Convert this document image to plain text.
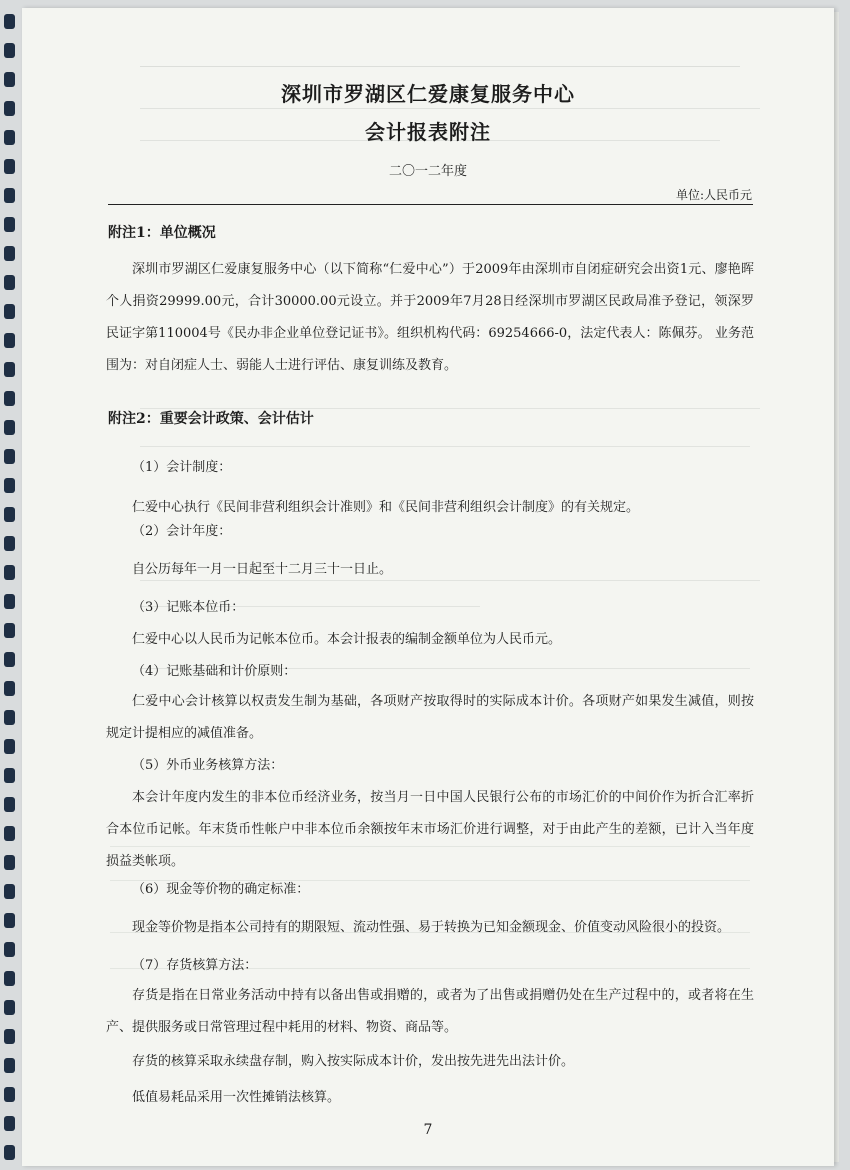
深圳市罗湖区仁爱康复服务中心
会计报表附注
二〇一二年度
单位:人民币元
附注1：单位概况
深圳市罗湖区仁爱康复服务中心（以下简称“仁爱中心”）于2009年由深圳市自闭症研究会出资1元、廖艳晖个人捐资29999.00元，合计30000.00元设立。并于2009年7月28日经深圳市罗湖区民政局准予登记，领深罗民证字第110004号《民办非企业单位登记证书》。组织机构代码：69254666-0，法定代表人：陈佩芬。 业务范围为：对自闭症人士、弱能人士进行评估、康复训练及教育。
附注2：重要会计政策、会计估计
（1）会计制度：
仁爱中心执行《民间非营利组织会计准则》和《民间非营利组织会计制度》的有关规定。
（2）会计年度：
自公历每年一月一日起至十二月三十一日止。
（3）记账本位币：
仁爱中心以人民币为记帐本位币。本会计报表的编制金额单位为人民币元。
（4）记账基础和计价原则：
仁爱中心会计核算以权责发生制为基础，各项财产按取得时的实际成本计价。各项财产如果发生减值，则按规定计提相应的减值准备。
（5）外币业务核算方法：
本会计年度内发生的非本位币经济业务，按当月一日中国人民银行公布的市场汇价的中间价作为折合汇率折合本位币记帐。年末货币性帐户中非本位币余额按年末市场汇价进行调整，对于由此产生的差额，已计入当年度损益类帐项。
（6）现金等价物的确定标准：
现金等价物是指本公司持有的期限短、流动性强、易于转换为已知金额现金、价值变动风险很小的投资。
（7）存货核算方法：
存货是指在日常业务活动中持有以备出售或捐赠的，或者为了出售或捐赠仍处在生产过程中的，或者将在生产、提供服务或日常管理过程中耗用的材料、物资、商品等。
存货的核算采取永续盘存制，购入按实际成本计价，发出按先进先出法计价。
低值易耗品采用一次性摊销法核算。
7
